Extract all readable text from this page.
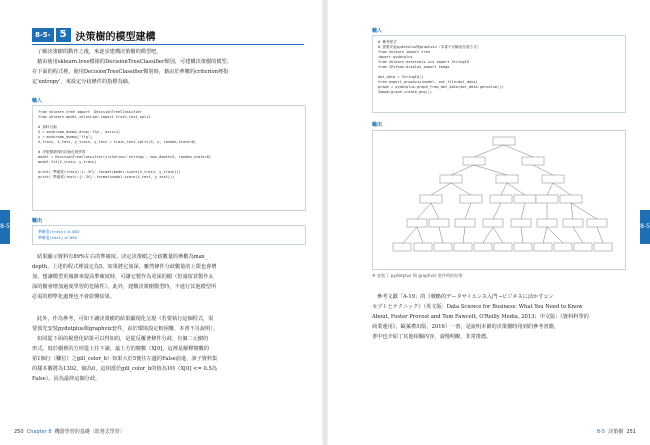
8-5- 5 決策樹的模型建構

了解決策樹的動作之後，來逐步建構決策樹的模型吧。

藉由使用sklearn.tree模組的DecisionTreeClassifier類別，可建構決策樹的模型。

在下面的程式裡，使用DecisionTreeClassifier類別時，藉由於參數的criterion裡指

定'entropy'，來設定分歧條件的指標為熵。

輸入
from sklearn.tree import  DecisionTreeClassifier
from sklearn.model_selection import train_test_split
# 資料分割
X = mushroom_dummy.drop('flg', axis=1)
y = mushroom_dummy['flg']
X_train, X_test, y_train, y_test = train_test_split(X, y, random_state=0)
# 決策樹類別的初始化與學習
model = DecisionTreeClassifier(criterion='entropy', max_depth=5, random_state=0)
model.fit(X_train, y_train)
print('準確度(train):{:.3f}'.format(model.score(X_train, y_train)))
print('準確度(test):{:.3f}'.format(model.score(X_test, y_test)))
輸出
準確度(train):0.883
準確度(test):0.894

結果顯示資料有89%左右的準確度。決定決策樹之分歧數量的參數為max_

depth。上述的程式裡設定為5。如果將它加深，雖然條件分歧數量的上限也會增

加，想讓模型更複雜來提高準確度時，可讓它製作為更深的樹（但請留意製作太

深的樹會增加過度學習的危險性）。此外，建構決策樹模型時，不進行其他模型所

必需的標準化處理也不會影響結果。

此外，作為參考，可如下讓決策樹的結果顯現化呈現（若要執行這個程式，需

要預先安裝pydotplus與graphviz套件，由於環境設定較困難，本書不另說明）。

如同從下面的視覺化結果可以得知的，是從反覆著條件分歧，有個二元樹的

形式。寫於樹裡的方形從上往下讀，最上方的變數（X[0]，這裡是解釋變數的

第1個行（欄位）之gill_color_b）如果大於5便往左邊的False前進，該子資料集

的樣本數將為1302，熵為0，這相當於gill_color_b的值為1時（X[0] <= 0.5為

False）。因為最終這個分歧。

250 Chapter 8 機器學習的基礎〔監督式學習〕
8-5	8-5
輸入
# 參考程式
# 需要安裝pydotplus與graphviz（本書不另解說安裝方式）
from sklearn import tree
import pydotplus
from sklearn.externals.six import StringIO
from IPython.display import Image
dot_data = StringIO()
tree.export_graphviz(model, out_file=dot_data)
graph = pydotplus.graph_from_dot_data(dot_data.getvalue())
Image(graph.create_png())
輸出
※ 安裝了 pydotplus 與 graphviz 套件時的結果

參考文獻「A-19」的《戦略的データサイエンス入門 ─ビジネスに活かすコン

セプトとテクニック》（英文版：Data Science for Business: What You Need to Know

About, Foster Provost and Tom Fawcett, O'Reilly Media, 2013；中文版：《資料科學的

商業運用》，歐萊禮出版，2016）一書，是說明本節的決策樹時用到的參考書籍，

書中也介紹了其他相關內容，請慢明瞭，非常推薦。

8-5 決策樹 251
